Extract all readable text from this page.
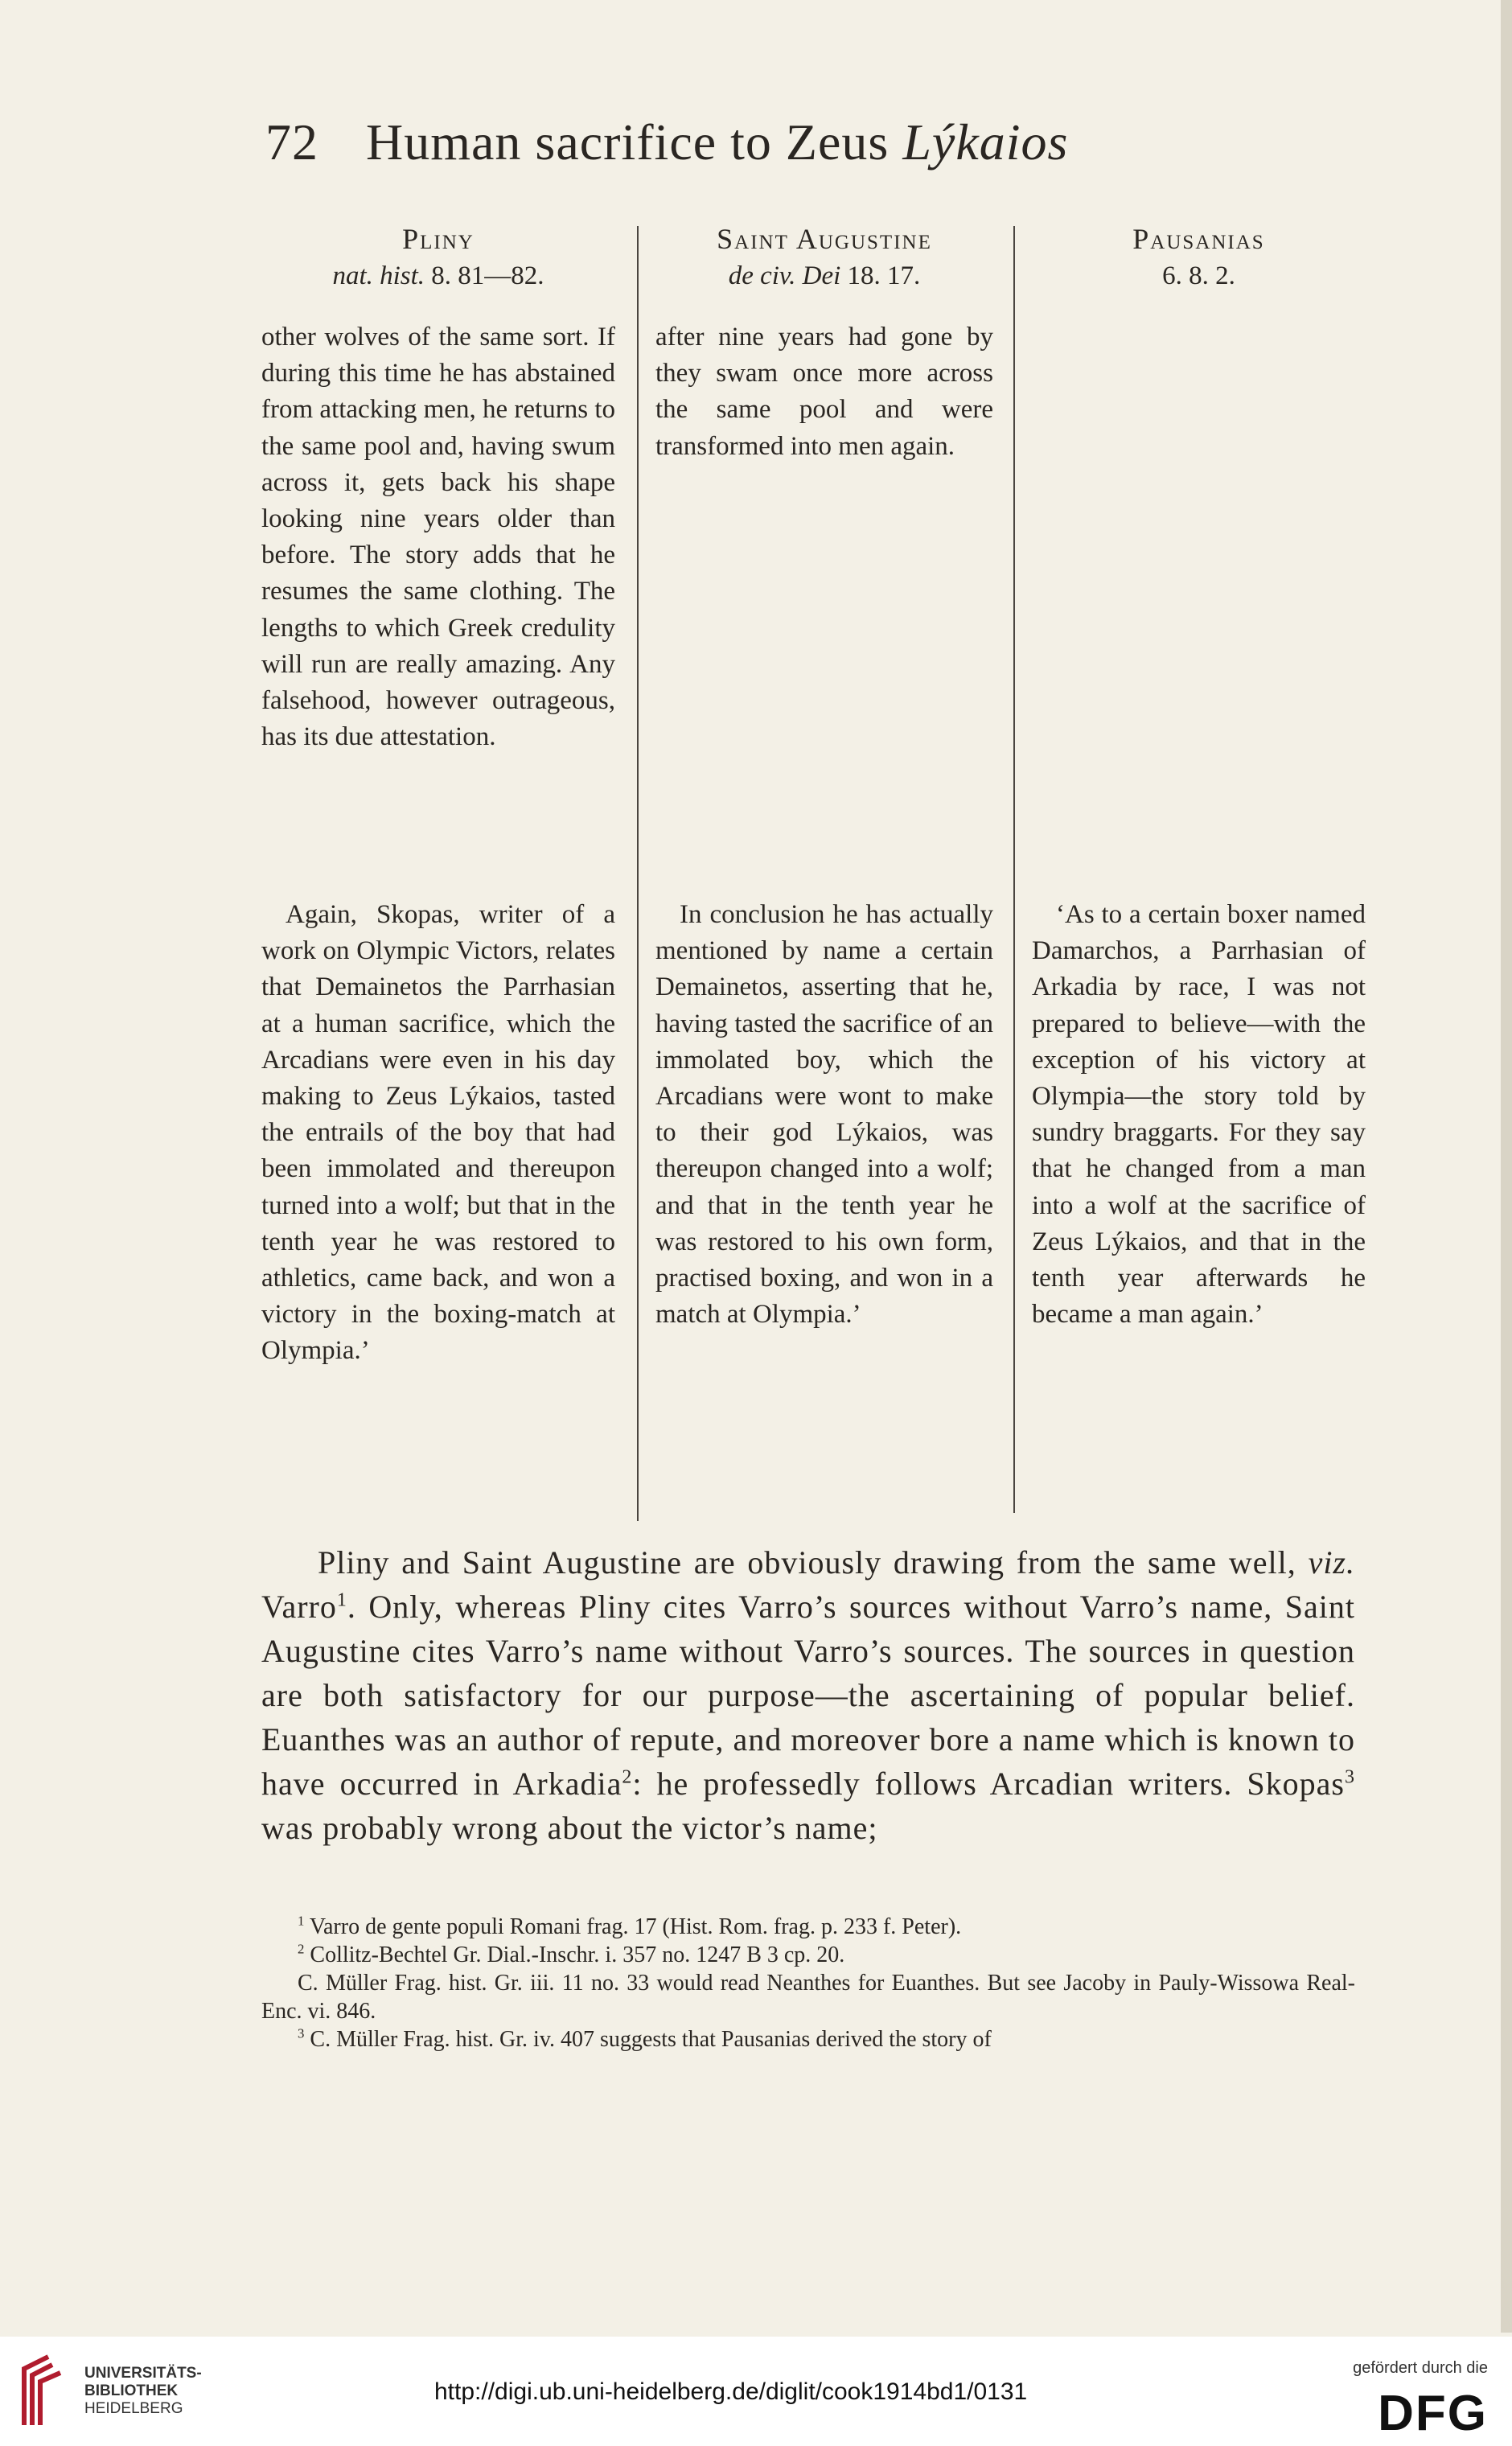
72 Human sacrifice to Zeus Lýkaios
Pliny
nat. hist. 8. 81—82.

other wolves of the same sort. If during this time he has abstained from attacking men, he returns to the same pool and, having swum across it, gets back his shape looking nine years older than before. The story adds that he resumes the same clothing. The lengths to which Greek credulity will run are really amazing. Any falsehood, however outrageous, has its due attestation.

Again, Skopas, writer of a work on Olympic Victors, relates that Demainetos the Parrhasian at a human sacrifice, which the Arcadians were even in his day making to Zeus Lýkaios, tasted the entrails of the boy that had been immolated and thereupon turned into a wolf; but that in the tenth year he was restored to athletics, came back, and won a victory in the boxing-match at Olympia.’

Saint Augustine
de civ. Dei 18. 17.

after nine years had gone by they swam once more across the same pool and were transformed into men again.

In conclusion he has actually mentioned by name a certain Demainetos, asserting that he, having tasted the sacrifice of an immolated boy, which the Arcadians were wont to make to their god Lýkaios, was thereupon changed into a wolf; and that in the tenth year he was restored to his own form, practised boxing, and won in a match at Olympia.’

Pausanias
6. 8. 2.

‘As to a certain boxer named Damarchos, a Parrhasian of Arkadia by race, I was not prepared to believe—with the exception of his victory at Olympia—the story told by sundry braggarts. For they say that he changed from a man into a wolf at the sacrifice of Zeus Lýkaios, and that in the tenth year afterwards he became a man again.’

Pliny and Saint Augustine are obviously drawing from the same well, viz. Varro$^1$. Only, whereas Pliny cites Varro’s sources without Varro’s name, Saint Augustine cites Varro’s name without Varro’s sources. The sources in question are both satisfactory for our purpose—the ascertaining of popular belief. Euanthes was an author of repute, and moreover bore a name which is known to have occurred in Arkadia$^2$: he professedly follows Arcadian writers. Skopas$^3$ was probably wrong about the victor’s name;

$^1$ Varro de gente populi Romani frag. 17 (Hist. Rom. frag. p. 233 f. Peter).

$^2$ Collitz-Bechtel Gr. Dial.-Inschr. i. 357 no. 1247 B 3 cp. 20.

C. Müller Frag. hist. Gr. iii. 11 no. 33 would read Neanthes for Euanthes. But see Jacoby in Pauly-Wissowa Real-Enc. vi. 846.

$^3$ C. Müller Frag. hist. Gr. iv. 407 suggests that Pausanias derived the story of

UNIVERSITÄTS-
BIBLIOTHEK
HEIDELBERG
http://digi.ub.uni-heidelberg.de/diglit/cook1914bd1/0131
gefördert durch die
DFG
